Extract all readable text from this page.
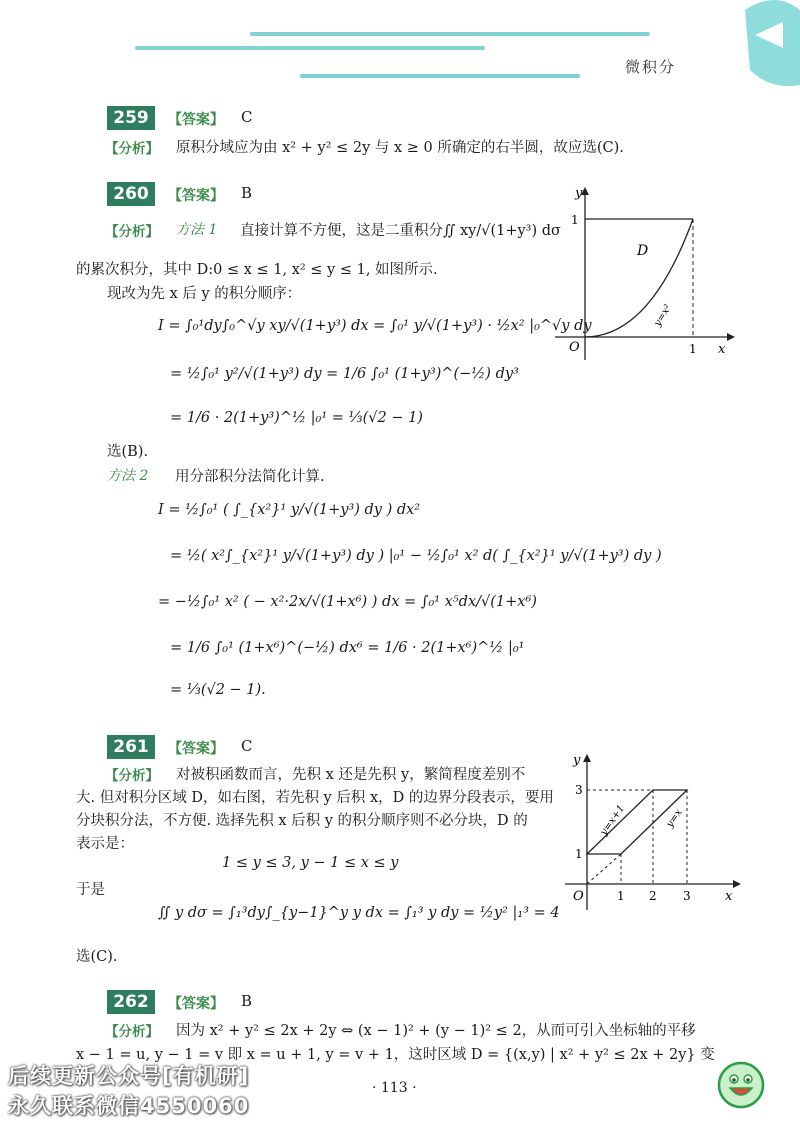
微积分
259	【答案】 C
【分析】 原积分域应为由 x² + y² ≤ 2y 与 x ≥ 0 所确定的右半圆，故应选(C).
260	【答案】 B
【分析】 方法 1 直接计算不方便，这是二重积分∬ xy/√(1+y³) dσ
的累次积分，其中 D:0 ≤ x ≤ 1, x² ≤ y ≤ 1, 如图所示.
现改为先 x 后 y 的积分顺序：
I = ∫₀¹dy∫₀^√y xy/√(1+y³) dx = ∫₀¹ y/√(1+y³) · ½x² |₀^√y dy
= ½∫₀¹ y²/√(1+y³) dy = 1/6 ∫₀¹ (1+y³)^(−½) dy³
= 1/6 · 2(1+y³)^½ |₀¹ = ⅓(√2 − 1)
选(B).
方法 2 用分部积分法简化计算.
I = ½∫₀¹ ( ∫_{x²}¹ y/√(1+y³) dy ) dx²
= ½( x²∫_{x²}¹ y/√(1+y³) dy ) |₀¹ − ½∫₀¹ x² d( ∫_{x²}¹ y/√(1+y³) dy )
= −½∫₀¹ x² ( − x²·2x/√(1+x⁶) ) dx = ∫₀¹ x⁵dx/√(1+x⁶)
= 1/6 ∫₀¹ (1+x⁶)^(−½) dx⁶ = 1/6 · 2(1+x⁶)^½ |₀¹
= ⅓(√2 − 1).
y
x
O
1
1
D
y=x²
261	【答案】 C
【分析】 对被积函数而言，先积 x 还是先积 y，繁简程度差别不
大. 但对积分区域 D，如右图，若先积 y 后积 x，D 的边界分段表示，要用
分块积分法，不方便. 选择先积 x 后积 y 的积分顺序则不必分块，D 的
表示是：
1 ≤ y ≤ 3, y − 1 ≤ x ≤ y
于是
∬ y dσ = ∫₁³dy∫_{y−1}^y y dx = ∫₁³ y dy = ½y² |₁³ = 4
选(C).
y
x
O	1 2 3
1
3
y=x+1	y=x
262	【答案】 B
【分析】 因为 x² + y² ≤ 2x + 2y ⇔ (x − 1)² + (y − 1)² ≤ 2，从而可引入坐标轴的平移
x − 1 = u, y − 1 = v 即 x = u + 1, y = v + 1，这时区域 D = {(x,y) | x² + y² ≤ 2x + 2y} 变
后续更新公众号[有机研]
永久联系微信4550060
· 113 ·
